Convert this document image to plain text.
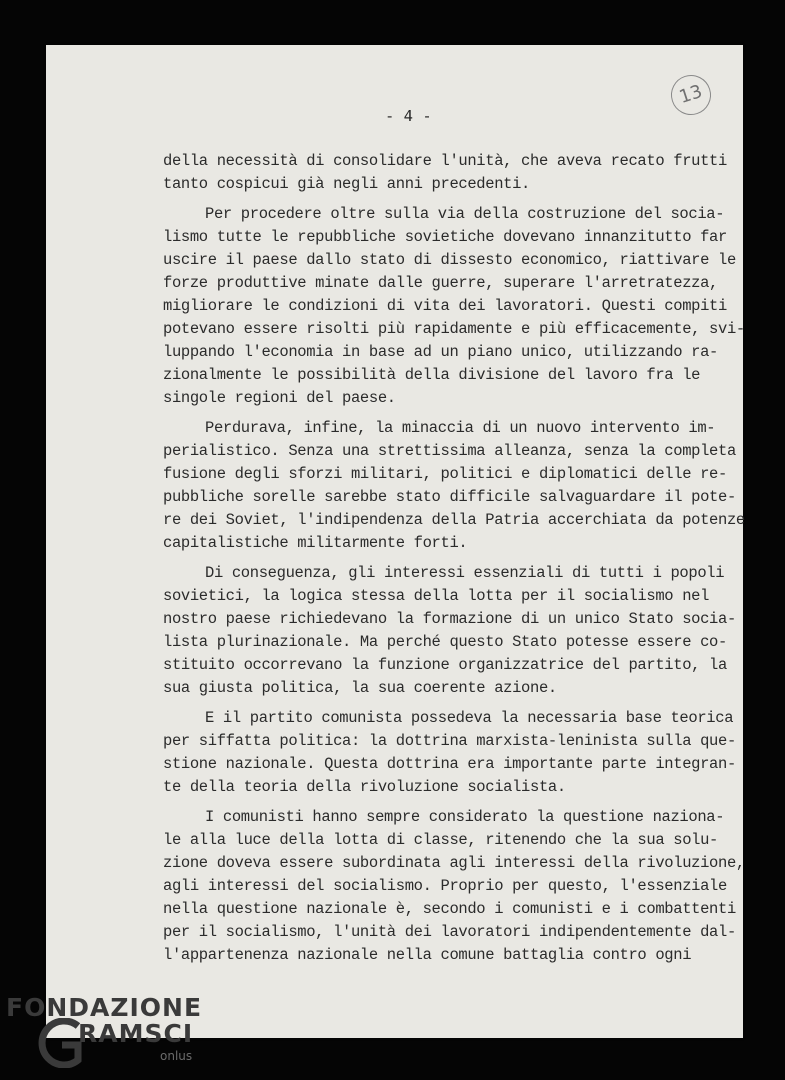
13
- 4 -
della necessità di consolidare l'unità, che aveva recato frutti
tanto cospicui già negli anni precedenti.
Per procedere oltre sulla via della costruzione del socia-
lismo tutte le repubbliche sovietiche dovevano innanzitutto far
uscire il paese dallo stato di dissesto economico, riattivare le
forze produttive minate dalle guerre, superare l'arretratezza,
migliorare le condizioni di vita dei lavoratori. Questi compiti
potevano essere risolti più rapidamente e più efficacemente, svi-
luppando l'economia in base ad un piano unico, utilizzando ra-
zionalmente le possibilità della divisione del lavoro fra le
singole regioni del paese.
Perdurava, infine, la minaccia di un nuovo intervento im-
perialistico. Senza una strettissima alleanza, senza la completa
fusione degli sforzi militari, politici e diplomatici delle re-
pubbliche sorelle sarebbe stato difficile salvaguardare il pote-
re dei Soviet, l'indipendenza della Patria accerchiata da potenze
capitalistiche militarmente forti.
Di conseguenza, gli interessi essenziali di tutti i popoli
sovietici, la logica stessa della lotta per il socialismo nel
nostro paese richiedevano la formazione di un unico Stato socia-
lista plurinazionale. Ma perché questo Stato potesse essere co-
stituito occorrevano la funzione organizzatrice del partito, la
sua giusta politica, la sua coerente azione.
E il partito comunista possedeva la necessaria base teorica
per siffatta politica: la dottrina marxista-leninista sulla que-
stione nazionale. Questa dottrina era importante parte integran-
te della teoria della rivoluzione socialista.
I comunisti hanno sempre considerato la questione naziona-
le alla luce della lotta di classe, ritenendo che la sua solu-
zione doveva essere subordinata agli interessi della rivoluzione,
agli interessi del socialismo. Proprio per questo, l'essenziale
nella questione nazionale è, secondo i comunisti e i combattenti
per il socialismo, l'unità dei lavoratori indipendentemente dal-
l'appartenenza nazionale nella comune battaglia contro ogni
FONDAZIONE
RAMSCI
onlus
